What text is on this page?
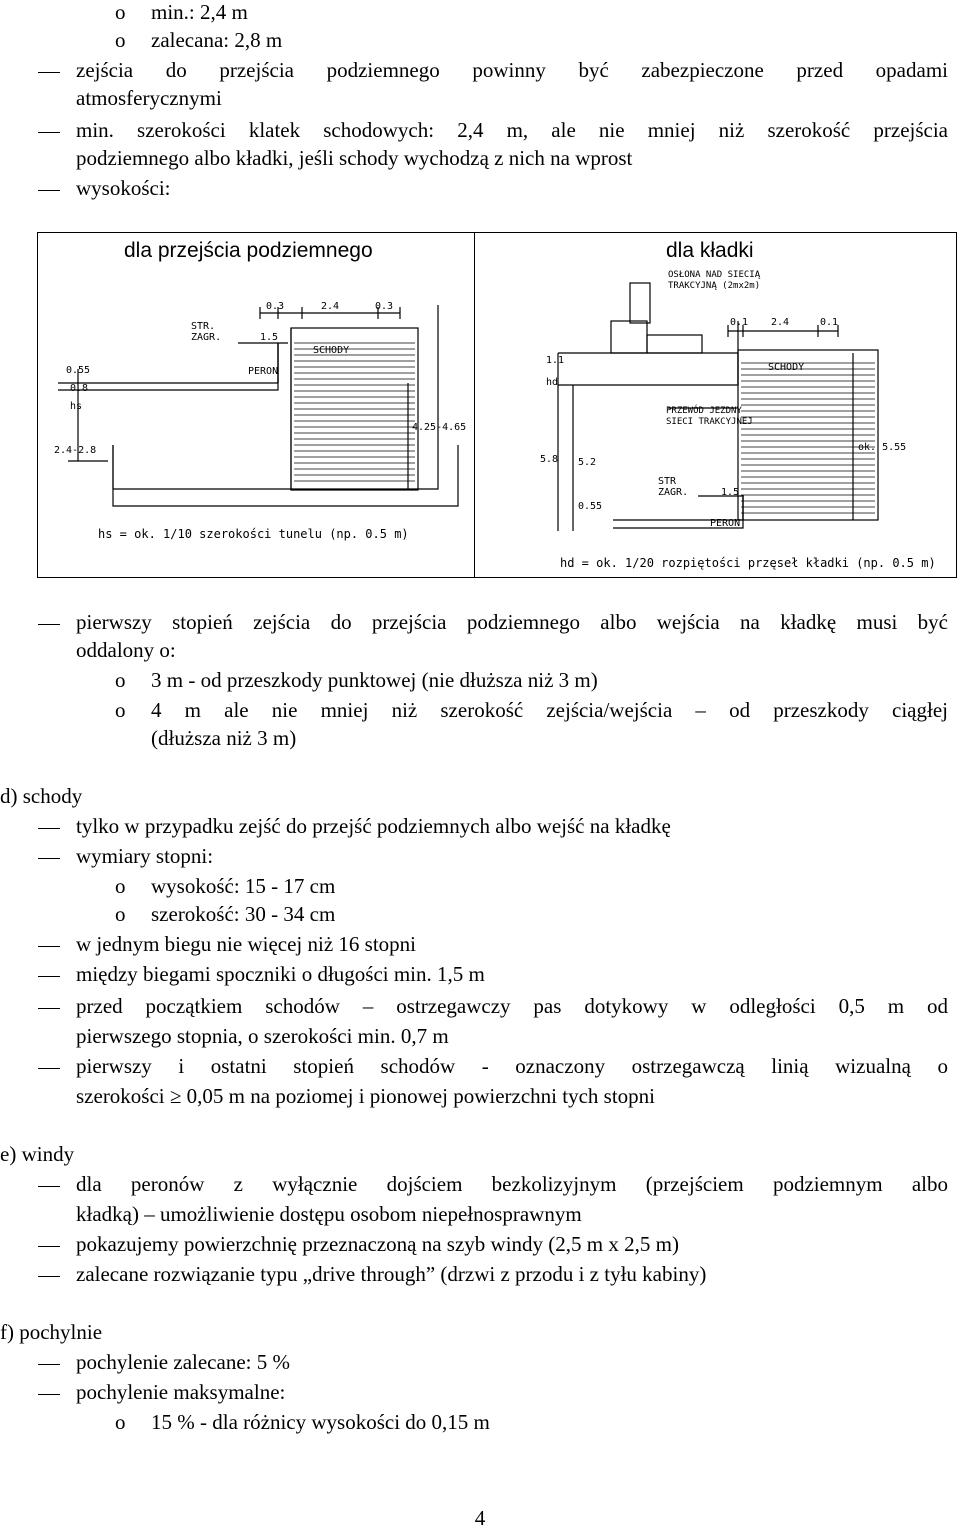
o min.: 2,4 m
o zalecana: 2,8 m
zejścia do przejścia podziemnego powinny być zabezpieczone przed opadami
atmosferycznymi
min. szerokości klatek schodowych: 2,4 m, ale nie mniej niż szerokość przejścia
podziemnego albo kładki, jeśli schody wychodzą z nich na wprost
wysokości:
dla przejścia podziemnego	dla kładki
0.3	2.4	0.3
STR.
ZAGR.	1.5
SCHODY
PERON
0.55
0.8
hs
2.4-2.8
4.25-4.65
hs = ok. 1/10 szerokości tunelu (np. 0.5 m)
OSŁONA NAD SIECIĄ
TRAKCYJNĄ (2mx2m)
0.1 2.4	0.1
1.1
hd
SCHODY
PRZEWÓD JEZDNY
SIECI TRAKCYJNEJ
ok. 5.55
5.8 5.2
STR
ZAGR.	1.5
0.55
PERON
hd = ok. 1/20 rozpiętości przęseł kładki (np. 0.5 m)
pierwszy stopień zejścia do przejścia podziemnego albo wejścia na kładkę musi być
oddalony o:
o 3 m - od przeszkody punktowej (nie dłuższa niż 3 m)
o 4 m ale nie mniej niż szerokość zejścia/wejścia – od przeszkody ciągłej
(dłuższa niż 3 m)
d) schody
tylko w przypadku zejść do przejść podziemnych albo wejść na kładkę
wymiary stopni:
o wysokość: 15 - 17 cm
o szerokość: 30 - 34 cm
w jednym biegu nie więcej niż 16 stopni
między biegami spoczniki o długości min. 1,5 m
przed początkiem schodów – ostrzegawczy pas dotykowy w odległości 0,5 m od
pierwszego stopnia, o szerokości min. 0,7 m
pierwszy i ostatni stopień schodów - oznaczony ostrzegawczą linią wizualną o
szerokości ≥ 0,05 m na poziomej i pionowej powierzchni tych stopni
e) windy
dla peronów z wyłącznie dojściem bezkolizyjnym (przejściem podziemnym albo
kładką) – umożliwienie dostępu osobom niepełnosprawnym
pokazujemy powierzchnię przeznaczoną na szyb windy (2,5 m x 2,5 m)
zalecane rozwiązanie typu „drive through” (drzwi z przodu i z tyłu kabiny)
f) pochylnie
pochylenie zalecane: 5 %
pochylenie maksymalne:
o 15 % - dla różnicy wysokości do 0,15 m
4
